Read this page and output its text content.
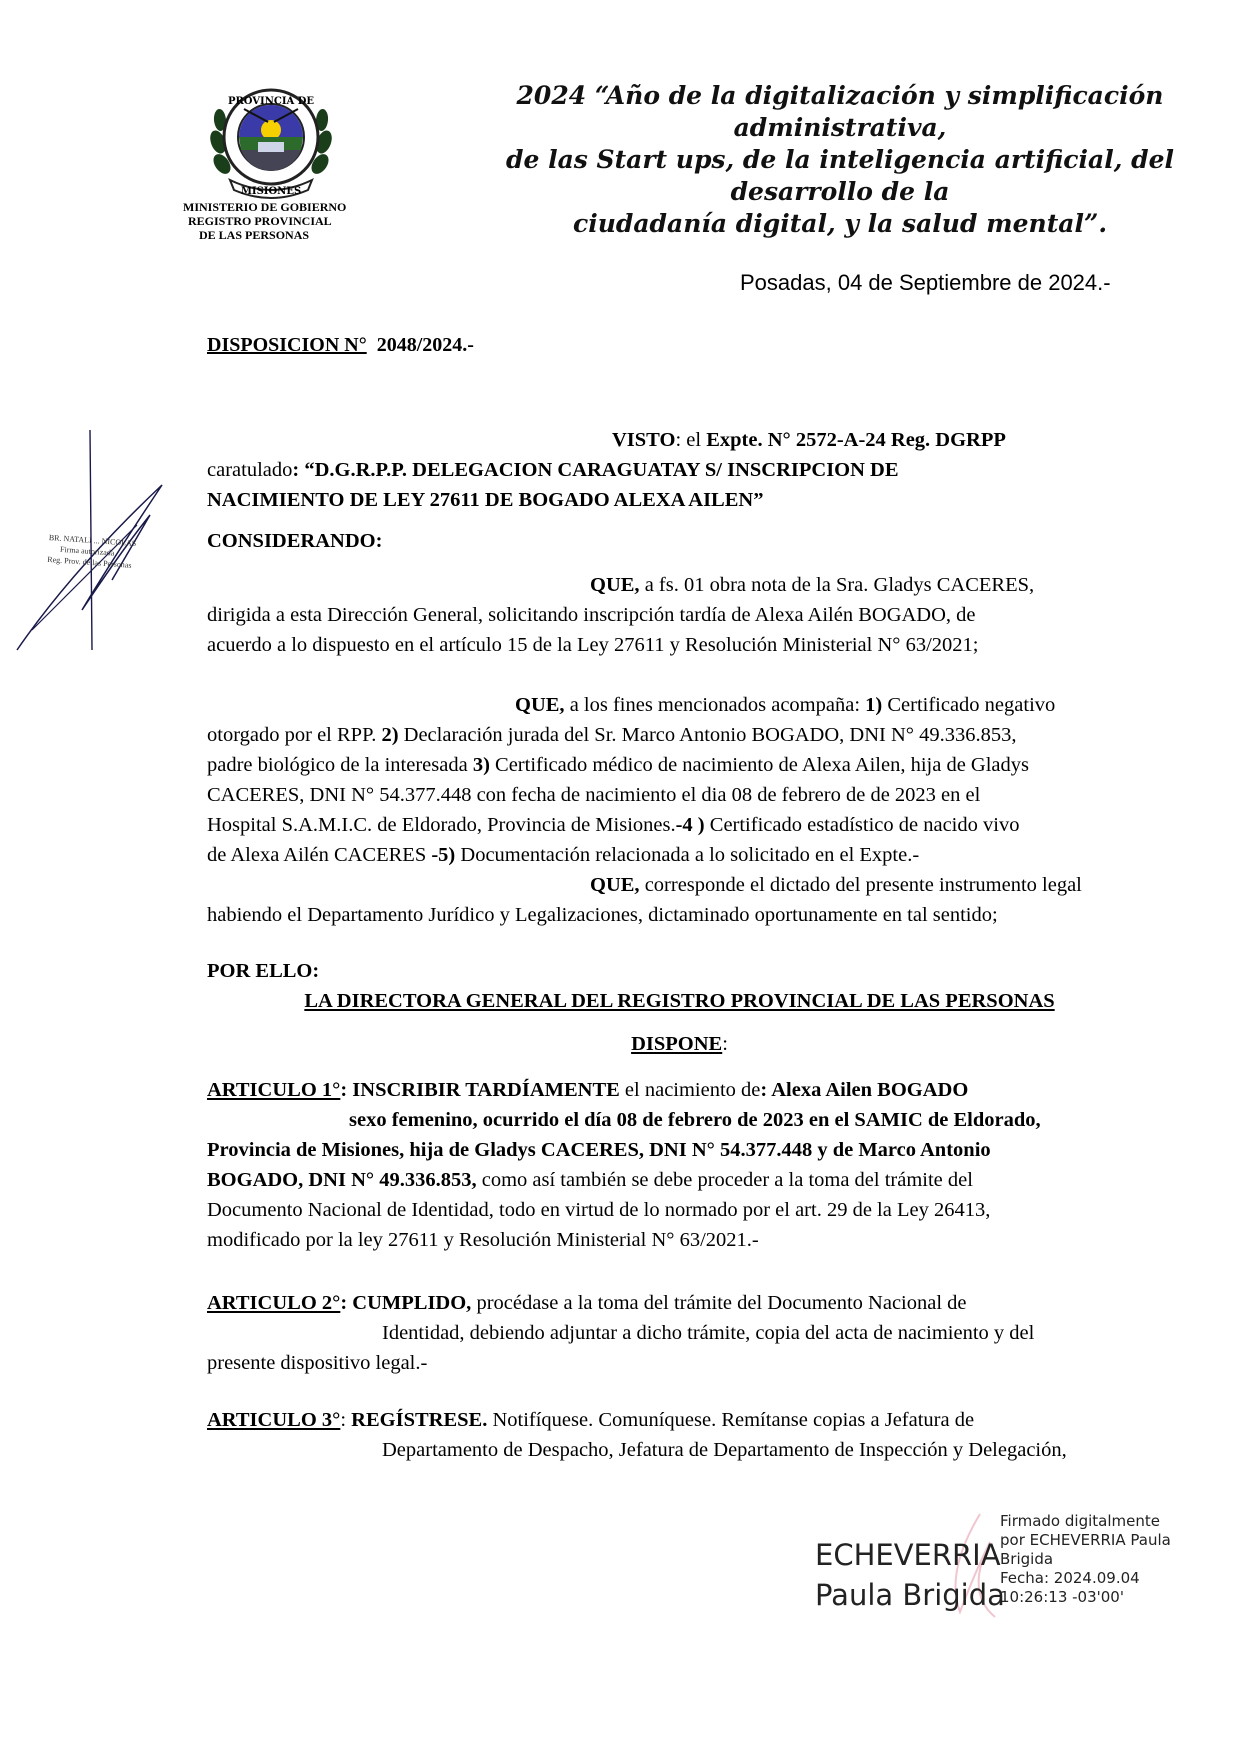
PROVINCIA DE
MISIONES
MINISTERIO DE GOBIERNO
REGISTRO PROVINCIAL
DE LAS PERSONAS
2024 “Año de la digitalización y simplificación administrativa,
de las Start ups, de la inteligencia artificial, del desarrollo de la
ciudadanía digital, y la salud mental”.
Posadas, 04 de Septiembre de 2024.-
DISPOSICION N° 2048/2024.-
BR. NATALI ... NICOLAS
Firma autorizada
Reg. Prov. de las Personas
VISTO: el Expte. N° 2572-A-24 Reg. DGRPP
caratulado: “D.G.R.P.P. DELEGACION CARAGUATAY S/ INSCRIPCION DE
NACIMIENTO DE LEY 27611 DE BOGADO ALEXA AILEN”
CONSIDERANDO:
QUE, a fs. 01 obra nota de la Sra. Gladys CACERES,
dirigida a esta Dirección General, solicitando inscripción tardía de Alexa Ailén BOGADO, de
acuerdo a lo dispuesto en el artículo 15 de la Ley 27611 y Resolución Ministerial N° 63/2021;
QUE, a los fines mencionados acompaña: 1) Certificado negativo
otorgado por el RPP. 2) Declaración jurada del Sr. Marco Antonio BOGADO, DNI N° 49.336.853,
padre biológico de la interesada 3) Certificado médico de nacimiento de Alexa Ailen, hija de Gladys
CACERES, DNI N° 54.377.448 con fecha de nacimiento el dia 08 de febrero de de 2023 en el
Hospital S.A.M.I.C. de Eldorado, Provincia de Misiones.-4 ) Certificado estadístico de nacido vivo
de Alexa Ailén CACERES -5) Documentación relacionada a lo solicitado en el Expte.-
QUE, corresponde el dictado del presente instrumento legal
habiendo el Departamento Jurídico y Legalizaciones, dictaminado oportunamente en tal sentido;
POR ELLO:
LA DIRECTORA GENERAL DEL REGISTRO PROVINCIAL DE LAS PERSONAS
DISPONE:
ARTICULO 1°: INSCRIBIR TARDÍAMENTE el nacimiento de: Alexa Ailen BOGADO
sexo femenino, ocurrido el día 08 de febrero de 2023 en el SAMIC de Eldorado,
Provincia de Misiones, hija de Gladys CACERES, DNI N° 54.377.448 y de Marco Antonio
BOGADO, DNI N° 49.336.853, como así también se debe proceder a la toma del trámite del
Documento Nacional de Identidad, todo en virtud de lo normado por el art. 29 de la Ley 26413,
modificado por la ley 27611 y Resolución Ministerial N° 63/2021.-
ARTICULO 2°: CUMPLIDO, procédase a la toma del trámite del Documento Nacional de
Identidad, debiendo adjuntar a dicho trámite, copia del acta de nacimiento y del
presente dispositivo legal.-
ARTICULO 3°: REGÍSTRESE. Notifíquese. Comuníquese. Remítanse copias a Jefatura de
Departamento de Despacho, Jefatura de Departamento de Inspección y Delegación,
ECHEVERRIA
Paula Brigida
Firmado digitalmente
por ECHEVERRIA Paula
Brigida
Fecha: 2024.09.04
10:26:13 -03'00'
